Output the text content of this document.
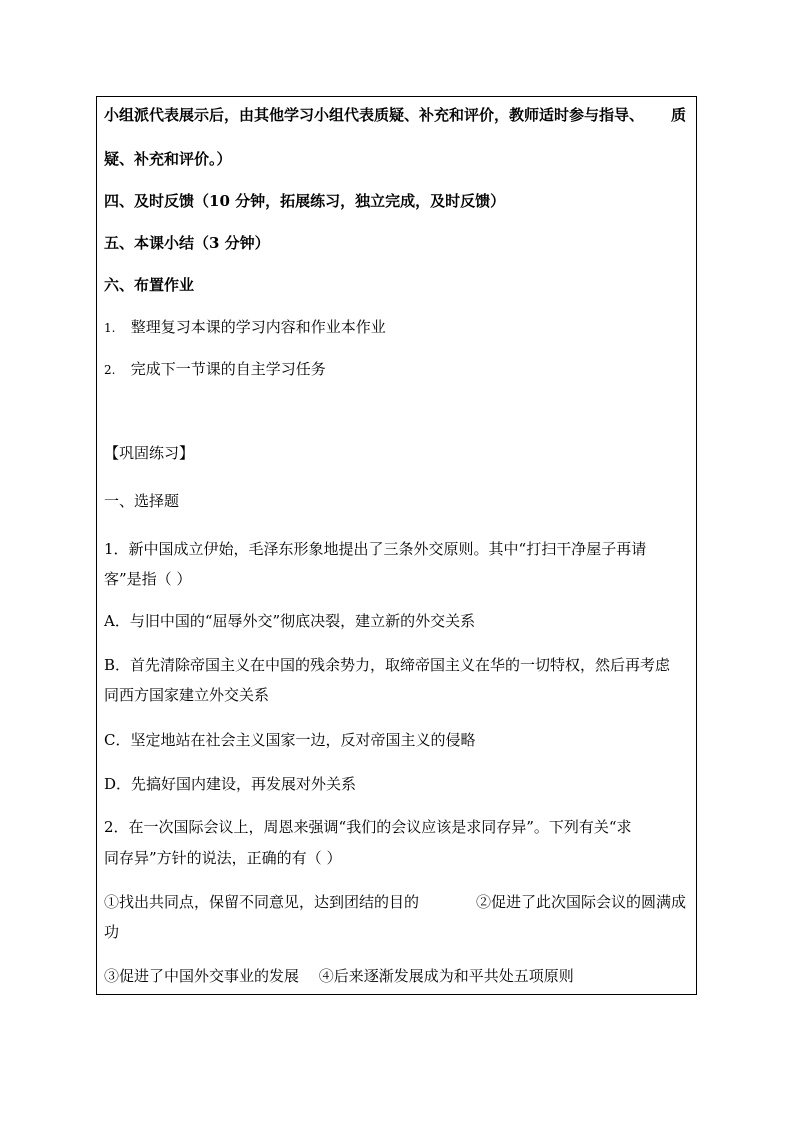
小组派代表展示后，由其他学习小组代表质疑、补充和评价，教师适时参与指导、 质
疑、补充和评价。）
四、及时反馈（10 分钟，拓展练习，独立完成，及时反馈）
五、本课小结（3 分钟）
六、布置作业
1. 整理复习本课的学习内容和作业本作业
2. 完成下一节课的自主学习任务
【巩固练习】
一、选择题
1．新中国成立伊始，毛泽东形象地提出了三条外交原则。其中“打扫干净屋子再请
客”是指（ ）
A．与旧中国的“屈辱外交”彻底决裂，建立新的外交关系
B．首先清除帝国主义在中国的残余势力，取缔帝国主义在华的一切特权，然后再考虑
同西方国家建立外交关系
C．坚定地站在社会主义国家一边，反对帝国主义的侵略
D．先搞好国内建设，再发展对外关系
2．在一次国际会议上，周恩来强调“我们的会议应该是求同存异”。下列有关“求
同存异”方针的说法，正确的有（ ）
①找出共同点，保留不同意见，达到团结的目的	②促进了此次国际会议的圆满成
功
③促进了中国外交事业的发展　 ④后来逐渐发展成为和平共处五项原则
